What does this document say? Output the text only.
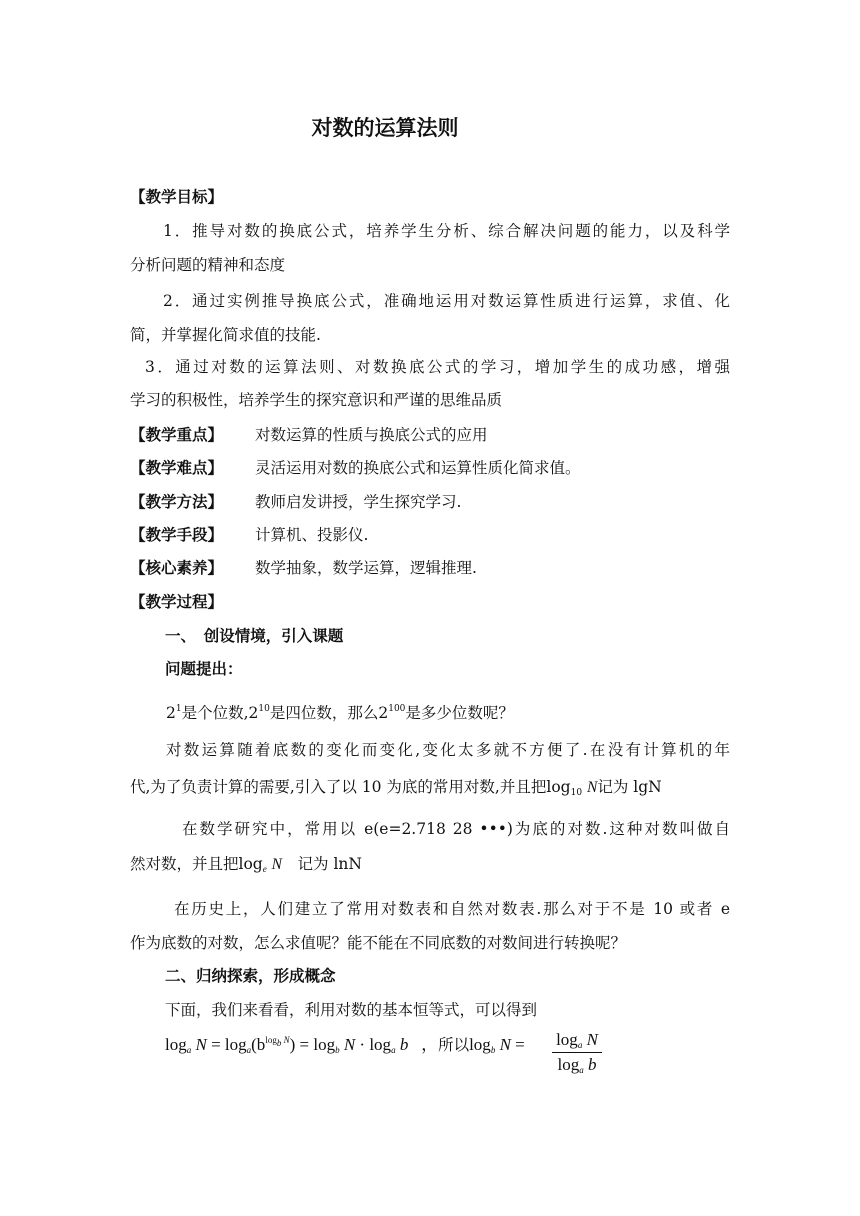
对数的运算法则
【教学目标】
1．推导对数的换底公式，培养学生分析、综合解决问题的能力，以及科学
分析问题的精神和态度
2．通过实例推导换底公式，准确地运用对数运算性质进行运算，求值、化
简，并掌握化简求值的技能.
3．通过对数的运算法则、对数换底公式的学习，增加学生的成功感，增强
学习的积极性，培养学生的探究意识和严谨的思维品质
【教学重点】 对数运算的性质与换底公式的应用
【教学难点】 灵活运用对数的换底公式和运算性质化简求值。
【教学方法】 教师启发讲授，学生探究学习.
【教学手段】 计算机、投影仪.
【核心素养】 数学抽象，数学运算，逻辑推理.
【教学过程】
一、　创设情境，引入课题
问题提出：
$2^1$是个位数$,2^{10}$是四位数，那么$2^{100}$是多少位数呢？
对数运算随着底数的变化而变化,变化太多就不方便了.在没有计算机的年
代,为了负责计算的需要,引入了以 10 为底的常用对数,并且把$\log_{10} N$记为 lgN
在数学研究中，常用以 e(e=2.718 28 •••)为底的对数.这种对数叫做自
然对数，并且把$\log_e N$　 记为 lnN
在历史上，人们建立了常用对数表和自然对数表.那么对于不是 10 或者 e
作为底数的对数，怎么求值呢？能不能在不同底数的对数间进行转换呢？
二、归纳探索，形成概念
下面，我们来看看，利用对数的基本恒等式，可以得到
$\log_a N = \log_a(b^{log_b N}) = \log_b N \cdot \log_a b$   ，所以$\log_b N = \frac{\log_a N}{\log_a b}$
